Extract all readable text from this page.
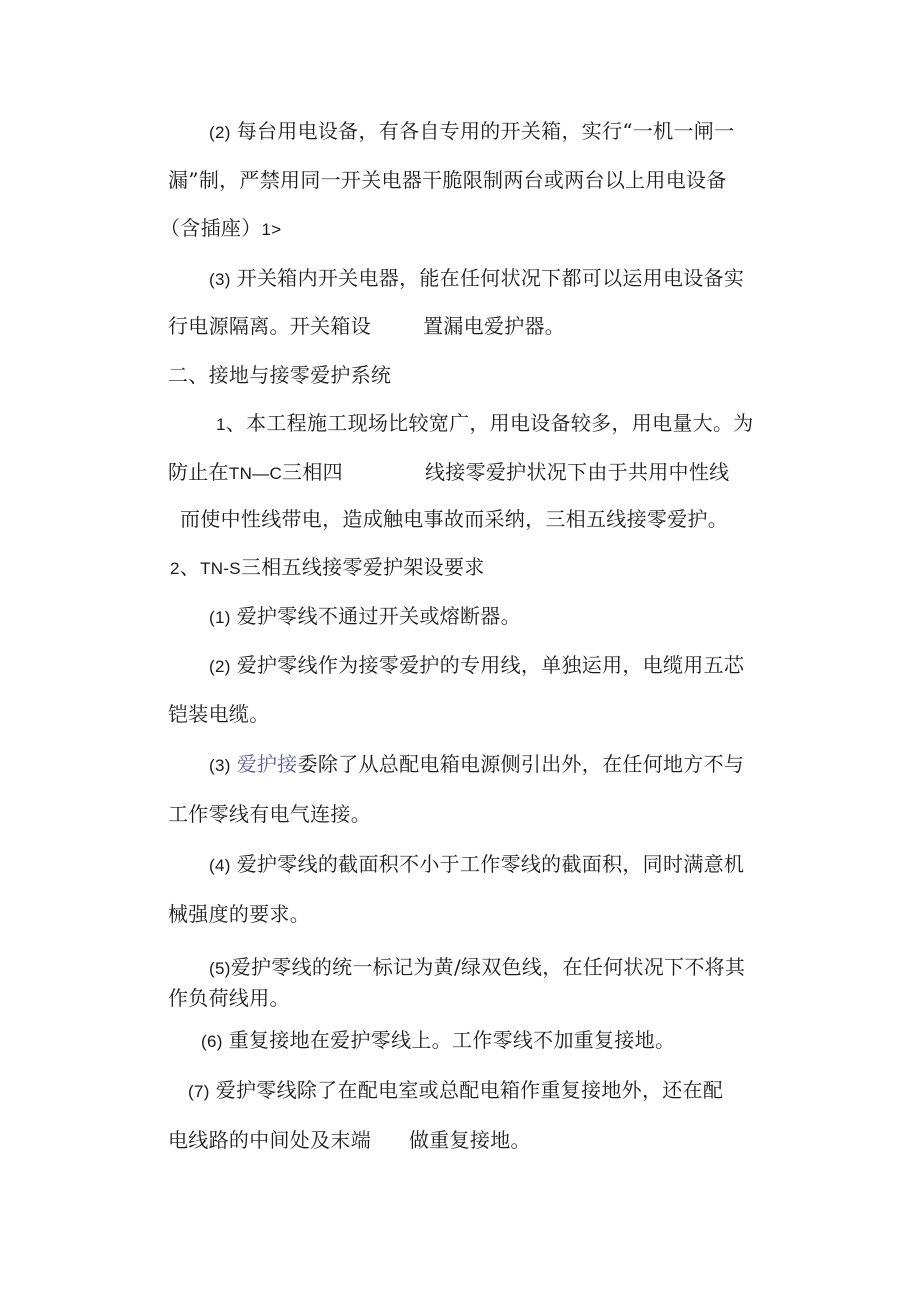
(2) 每台用电设备，有各自专用的开关箱，实行“一机一闸一
漏”制，严禁用同一开关电器干脆限制两台或两台以上用电设备
（含插座）1>
(3) 开关箱内开关电器，能在任何状况下都可以运用电设备实
行电源隔离。开关箱设	置漏电爱护器。
二、接地与接零爱护系统
1、本工程施工现场比较宽广，用电设备较多，用电量大。为
防止在TN—C三相四	线接零爱护状况下由于共用中性线
而使中性线带电，造成触电事故而采纳，三相五线接零爱护。
2、TN-S三相五线接零爱护架设要求
(1) 爱护零线不通过开关或熔断器。
(2) 爱护零线作为接零爱护的专用线，单独运用，电缆用五芯
铠装电缆。
(3) 爱护接委除了从总配电箱电源侧引出外，在任何地方不与
工作零线有电气连接。
(4) 爱护零线的截面积不小于工作零线的截面积，同时满意机
械强度的要求。
(5)爱护零线的统一标记为黄/绿双色线，在任何状况下不将其
作负荷线用。
(6) 重复接地在爱护零线上。工作零线不加重复接地。
(7) 爱护零线除了在配电室或总配电箱作重复接地外，还在配
电线路的中间处及末端 做重复接地。
